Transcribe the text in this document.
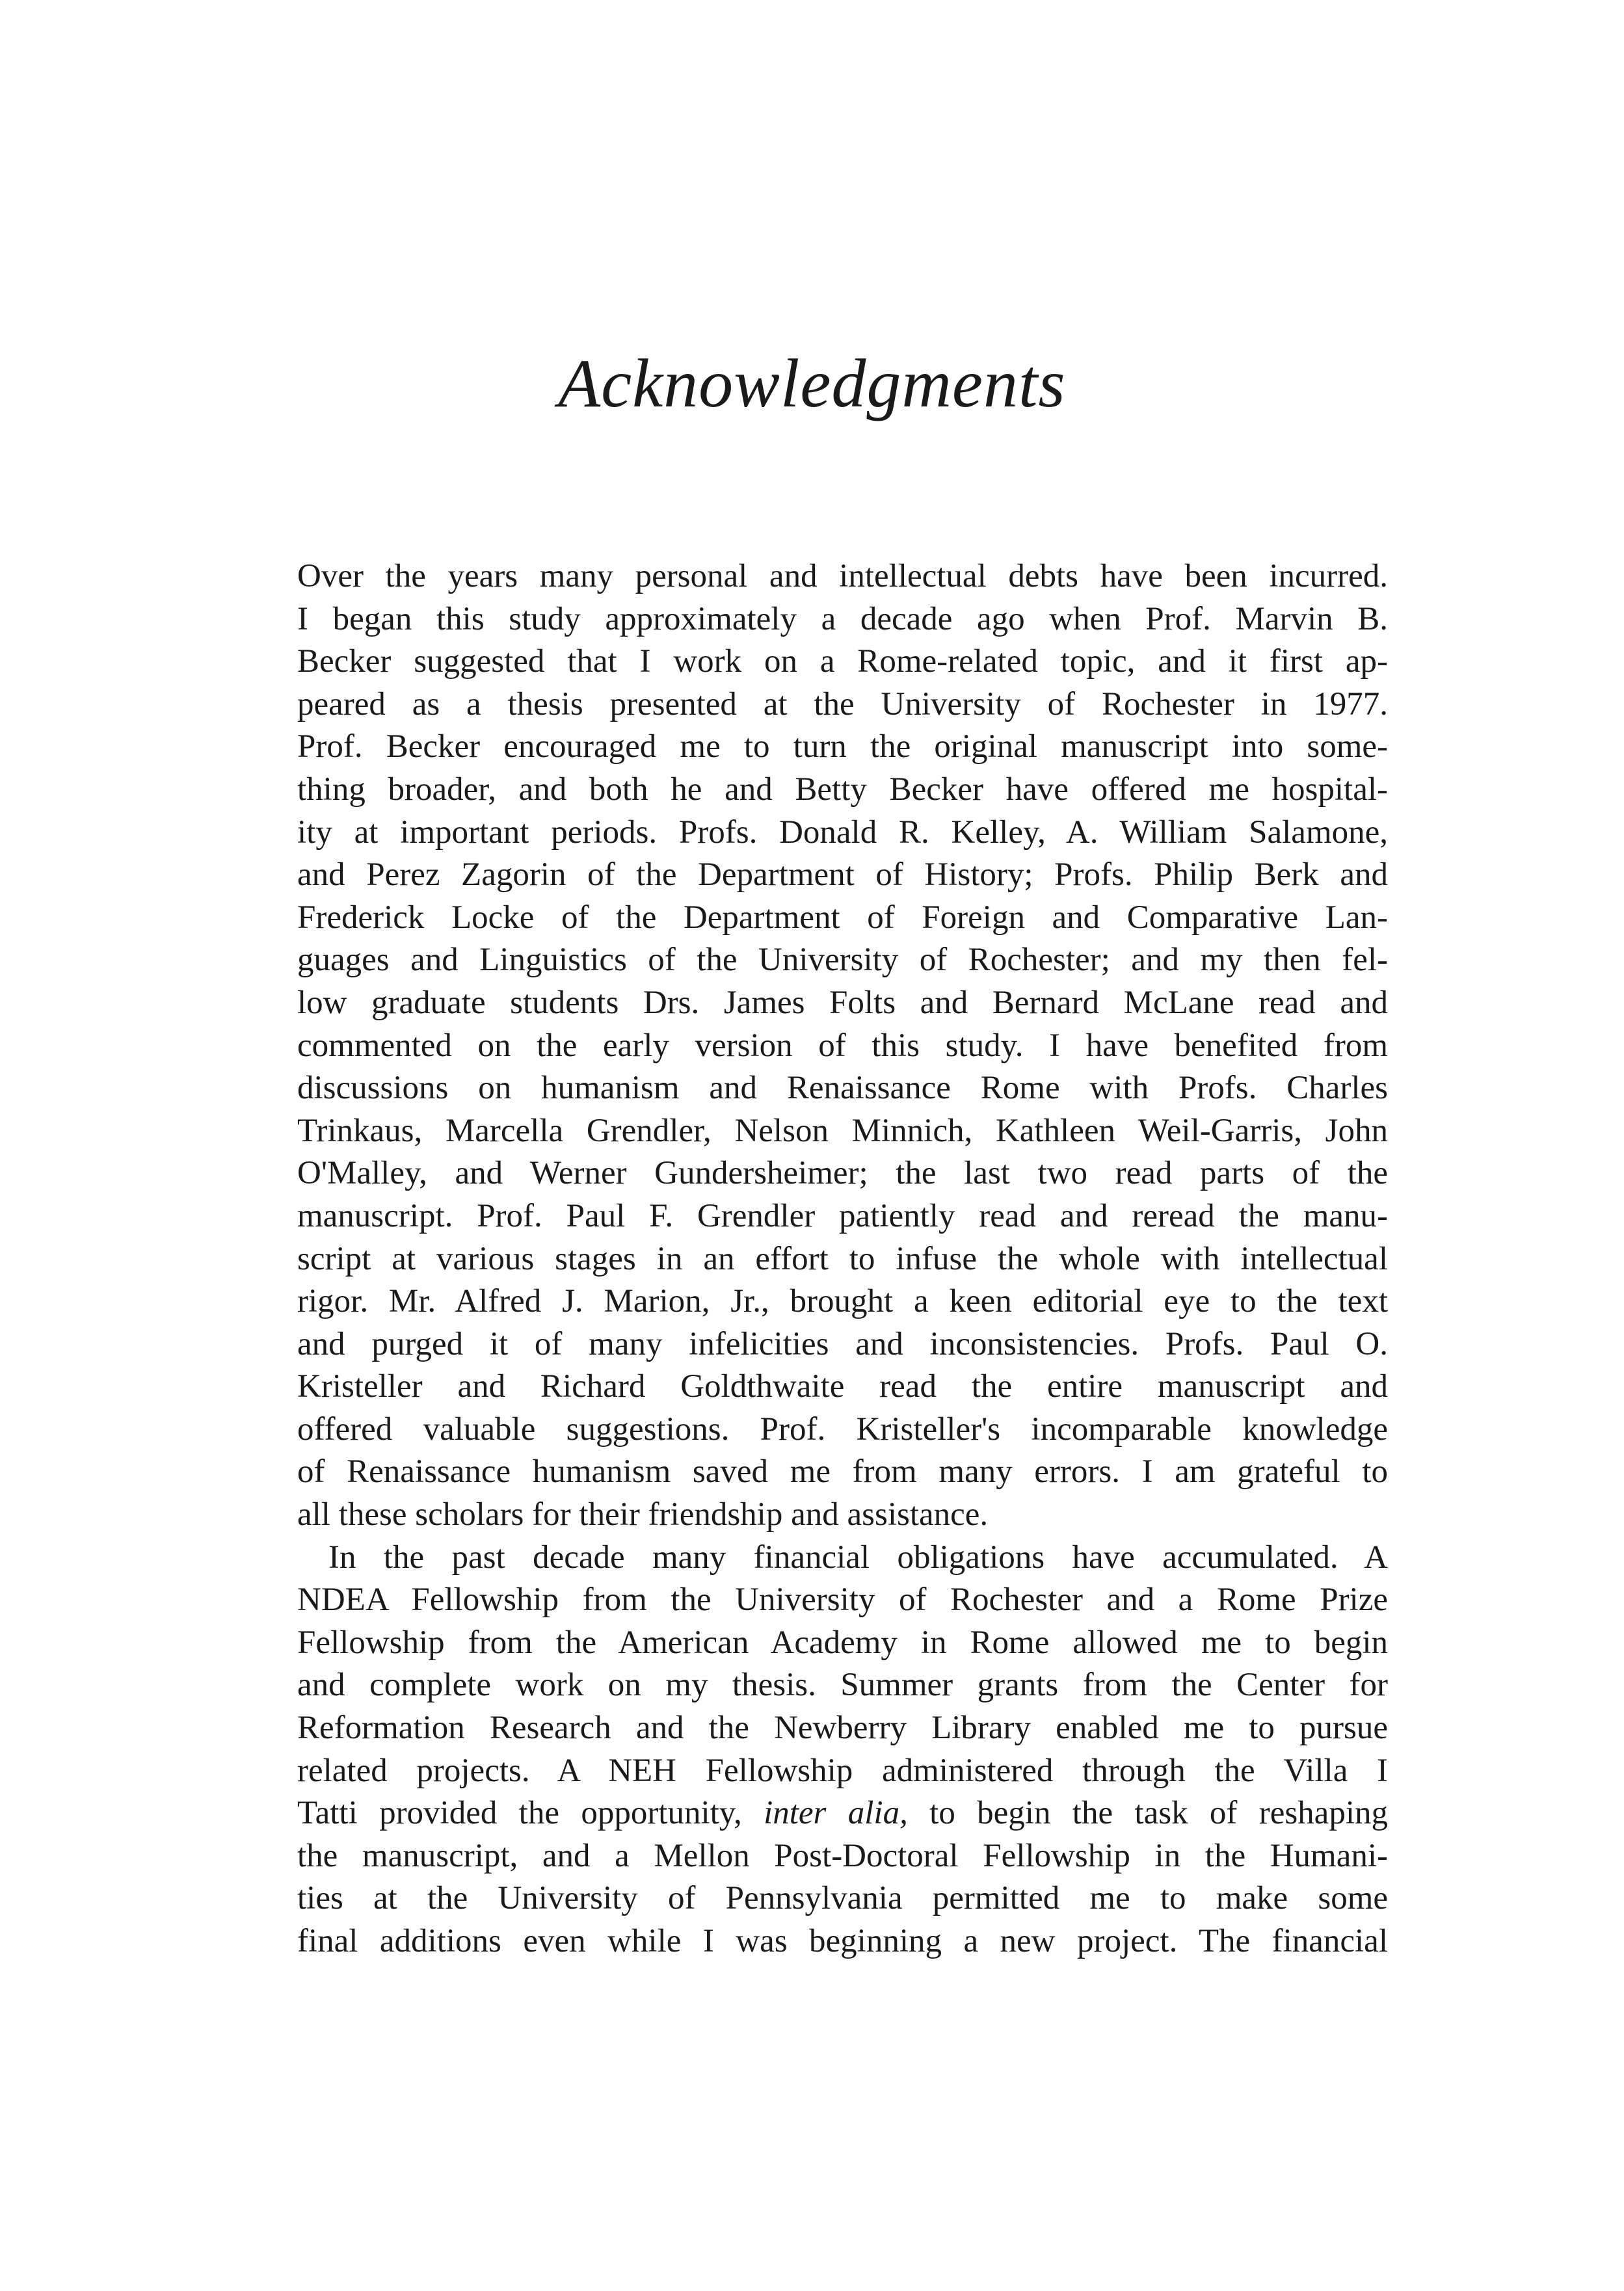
Acknowledgments

Over the years many personal and intellectual debts have been incurred.
I began this study approximately a decade ago when Prof. Marvin B.
Becker suggested that I work on a Rome-related topic, and it first ap-
peared as a thesis presented at the University of Rochester in 1977.
Prof. Becker encouraged me to turn the original manuscript into some-
thing broader, and both he and Betty Becker have offered me hospital-
ity at important periods. Profs. Donald R. Kelley, A. William Salamone,
and Perez Zagorin of the Department of History; Profs. Philip Berk and
Frederick Locke of the Department of Foreign and Comparative Lan-
guages and Linguistics of the University of Rochester; and my then fel-
low graduate students Drs. James Folts and Bernard McLane read and
commented on the early version of this study. I have benefited from
discussions on humanism and Renaissance Rome with Profs. Charles
Trinkaus, Marcella Grendler, Nelson Minnich, Kathleen Weil-Garris, John
O'Malley, and Werner Gundersheimer; the last two read parts of the
manuscript. Prof. Paul F. Grendler patiently read and reread the manu-
script at various stages in an effort to infuse the whole with intellectual
rigor. Mr. Alfred J. Marion, Jr., brought a keen editorial eye to the text
and purged it of many infelicities and inconsistencies. Profs. Paul O.
Kristeller and Richard Goldthwaite read the entire manuscript and
offered valuable suggestions. Prof. Kristeller's incomparable knowledge
of Renaissance humanism saved me from many errors. I am grateful to
all these scholars for their friendship and assistance.

In the past decade many financial obligations have accumulated. A
NDEA Fellowship from the University of Rochester and a Rome Prize
Fellowship from the American Academy in Rome allowed me to begin
and complete work on my thesis. Summer grants from the Center for
Reformation Research and the Newberry Library enabled me to pursue
related projects. A NEH Fellowship administered through the Villa I
Tatti provided the opportunity, inter alia, to begin the task of reshaping
the manuscript, and a Mellon Post-Doctoral Fellowship in the Humani-
ties at the University of Pennsylvania permitted me to make some
final additions even while I was beginning a new project. The financial
